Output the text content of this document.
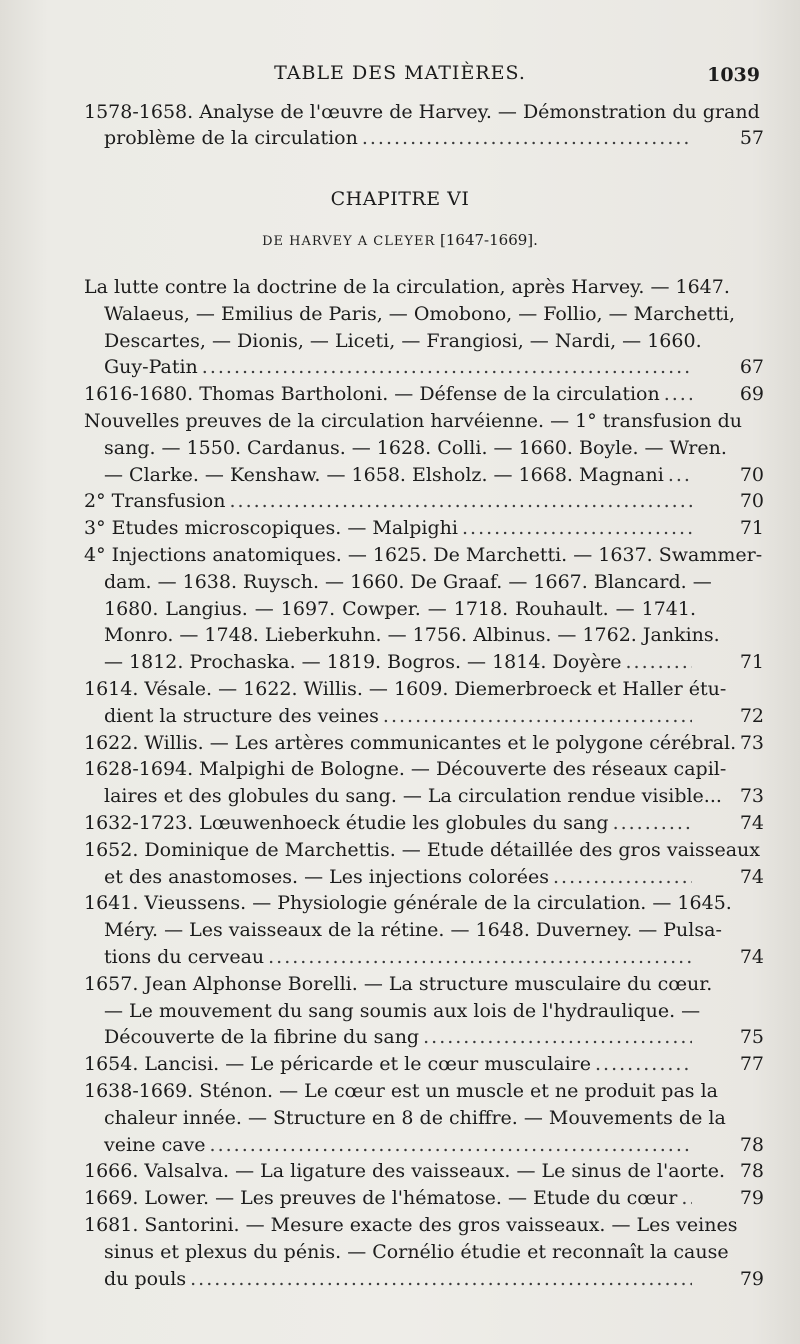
TABLE DES MATIÈRES.	1039
1578-1658. Analyse de l'œuvre de Harvey. — Démonstration du grand
problème de la circulation
.....	57
CHAPITRE VI
DE HARVEY A CLEYER [1647-1669].
La lutte contre la doctrine de la circulation, après Harvey. — 1647.
Walaeus, — Emilius de Paris, — Omobono, — Follio, — Marchetti,
Descartes, — Dionis, — Liceti, — Frangiosi, — Nardi, — 1660.
67
Guy-Patin
.....
69
1616-1680. Thomas Bartholoni. — Défense de la circulation
.....
Nouvelles preuves de la circulation harvéienne. — 1° transfusion du
sang. — 1550. Cardanus. — 1628. Colli. — 1660. Boyle. — Wren.
70
— Clarke. — Kenshaw. — 1658. Elsholz. — 1668. Magnani
.....
70
2° Transfusion
.....
71
3° Etudes microscopiques. — Malpighi
.....
4° Injections anatomiques. — 1625. De Marchetti. — 1637. Swammer-
dam. — 1638. Ruysch. — 1660. De Graaf. — 1667. Blancard. —
1680. Langius. — 1697. Cowper. — 1718. Rouhault. — 1741.
Monro. — 1748. Lieberkuhn. — 1756. Albinus. — 1762. Jankins.
71
— 1812. Prochaska. — 1819. Bogros. — 1814. Doyère
.....
1614. Vésale. — 1622. Willis. — 1609. Diemerbroeck et Haller étu-
72
dient la structure des veines
.....
73
1622. Willis. — Les artères communicantes et le polygone cérébral.
1628-1694. Malpighi de Bologne. — Découverte des réseaux capil-
73
laires et des globules du sang. — La circulation rendue visible...
74
1632-1723. Lœuwenhoeck étudie les globules du sang
.....
1652. Dominique de Marchettis. — Etude détaillée des gros vaisseaux
74
et des anastomoses. — Les injections colorées
.....
1641. Vieussens. — Physiologie générale de la circulation. — 1645.
Méry. — Les vaisseaux de la rétine. — 1648. Duverney. — Pulsa-
74
tions du cerveau
.....
1657. Jean Alphonse Borelli. — La structure musculaire du cœur.
— Le mouvement du sang soumis aux lois de l'hydraulique. —
75
Découverte de la fibrine du sang
.....
77
1654. Lancisi. — Le péricarde et le cœur musculaire
.....
1638-1669. Sténon. — Le cœur est un muscle et ne produit pas la
chaleur innée. — Structure en 8 de chiffre. — Mouvements de la
78
veine cave
.....
78
1666. Valsalva. — La ligature des vaisseaux. — Le sinus de l'aorte.
79
1669. Lower. — Les preuves de l'hématose. — Etude du cœur
.....
1681. Santorini. — Mesure exacte des gros vaisseaux. — Les veines
sinus et plexus du pénis. — Cornélio étudie et reconnaît la cause
79
du pouls
.....
